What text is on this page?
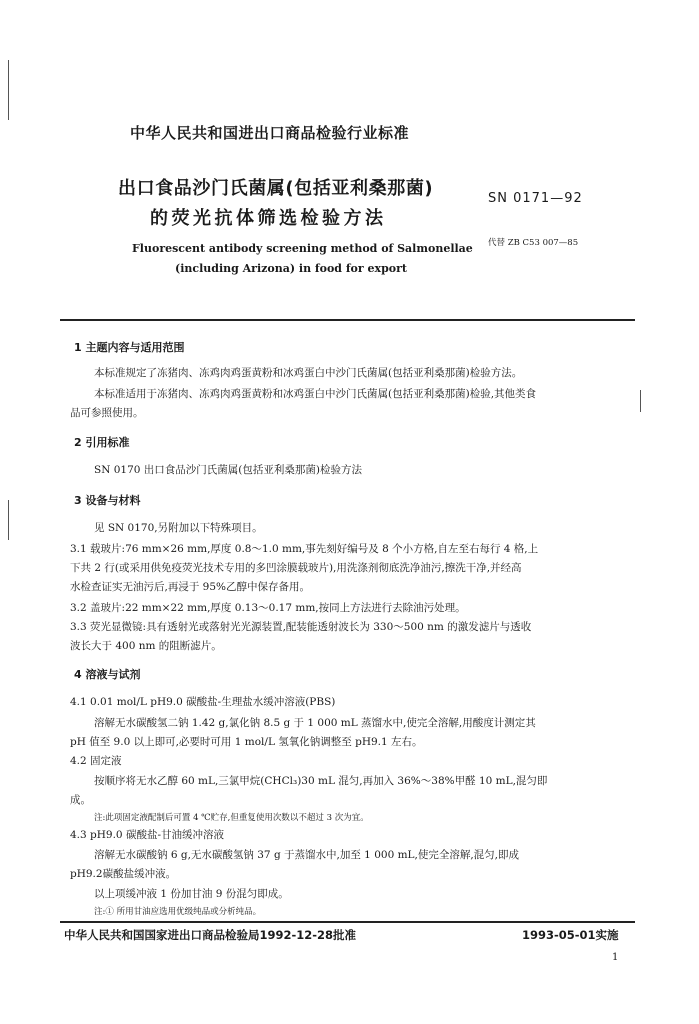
中华人民共和国进出口商品检验行业标准
出口食品沙门氏菌属(包括亚利桑那菌)
的荧光抗体筛选检验方法
Fluorescent antibody screening method of Salmonellae
(including Arizona) in food for export
SN 0171—92
代替 ZB C53 007—85
1 主题内容与适用范围
本标准规定了冻猪肉、冻鸡肉鸡蛋黄粉和冰鸡蛋白中沙门氏菌属(包括亚利桑那菌)检验方法。
本标准适用于冻猪肉、冻鸡肉鸡蛋黄粉和冰鸡蛋白中沙门氏菌属(包括亚利桑那菌)检验,其他类食
品可参照使用。
2 引用标准
SN 0170 出口食品沙门氏菌属(包括亚利桑那菌)检验方法
3 设备与材料
见 SN 0170,另附加以下特殊项目。
3.1 载玻片:76 mm×26 mm,厚度 0.8～1.0 mm,事先刻好编号及 8 个小方格,自左至右每行 4 格,上
下共 2 行(或采用供免疫荧光技术专用的多凹涂膜载玻片),用洗涤剂彻底洗净油污,擦洗干净,并经高
水检查证实无油污后,再浸于 95%乙醇中保存备用。
3.2 盖玻片:22 mm×22 mm,厚度 0.13～0.17 mm,按同上方法进行去除油污处理。
3.3 荧光显微镜:具有透射光或落射光光源装置,配装能透射波长为 330～500 nm 的激发滤片与透收
波长大于 400 nm 的阻断滤片。
4 溶液与试剂
4.1 0.01 mol/L pH9.0 碳酸盐-生理盐水缓冲溶液(PBS)
溶解无水碳酸氢二钠 1.42 g,氯化钠 8.5 g 于 1 000 mL 蒸馏水中,使完全溶解,用酸度计测定其
pH 值至 9.0 以上即可,必要时可用 1 mol/L 氢氧化钠调整至 pH9.1 左右。
4.2 固定液
按顺序将无水乙醇 60 mL,三氯甲烷(CHCl₃)30 mL 混匀,再加入 36%～38%甲醛 10 mL,混匀即
成。
注:此项固定液配制后可置 4 ℃贮存,但重复使用次数以不超过 3 次为宜。
4.3 pH9.0 碳酸盐-甘油缓冲溶液
溶解无水碳酸钠 6 g,无水碳酸氢钠 37 g 于蒸馏水中,加至 1 000 mL,使完全溶解,混匀,即成
pH9.2碳酸盐缓冲液。
以上项缓冲液 1 份加甘油 9 份混匀即成。
注:① 所用甘油应选用优级纯品或分析纯品。
中华人民共和国国家进出口商品检验局1992-12-28批准	1993-05-01实施
1
